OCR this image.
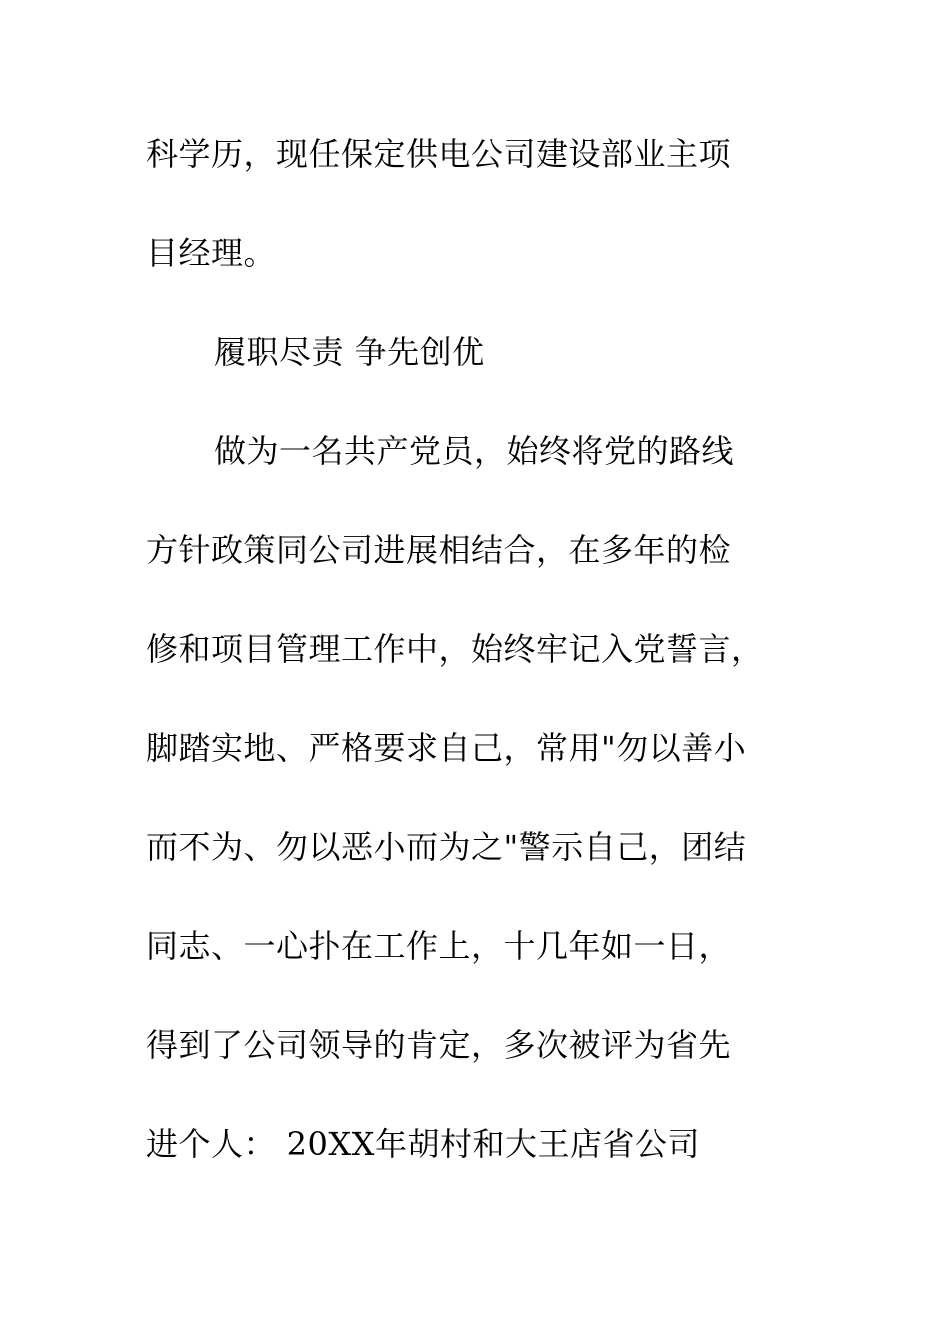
科学历，现任保定供电公司建设部业主项
目经理。
履职尽责 争先创优
做为一名共产党员，始终将党的路线
方针政策同公司进展相结合，在多年的检
修和项目管理工作中，始终牢记入党誓言，
脚踏实地、严格要求自己，常用"勿以善小
而不为、勿以恶小而为之"警示自己，团结
同志、一心扑在工作上，十几年如一日，
得到了公司领导的肯定，多次被评为省先
进个人： 20XX年胡村和大王店省公司
